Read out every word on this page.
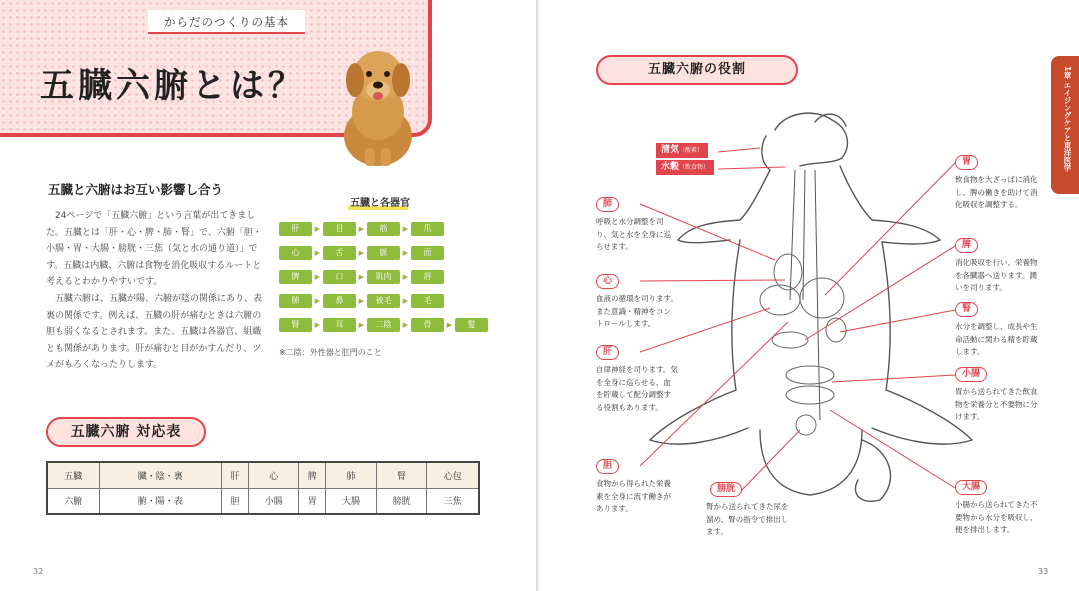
からだのつくりの基本
五臓六腑とは？
五臓と六腑はお互い影響し合う

24ページで「五臓六腑」という言葉が出てきました。五臓とは「肝・心・脾・肺・腎」で、六腑「胆・小腸・胃・大腸・膀胱・三焦（気と水の通り道）」です。五臓は内臓、六腑は食物を消化吸収するルートと考えるとわかりやすいです。

五臓六腑は、五臓が陽、六腑が陰の関係にあり、表裏の関係です。例えば、五臓の肝が痛むときは六腑の胆も弱くなるとされます。また、五臓は各器官、組織とも関係があります。肝が痛むと目がかすんだり、ツメがもろくなったりします。

五臓と各器官
肝	▶	目	▶	筋	▶	爪
心	▶	舌	▶	脈	▶	面
脾	▶	口	▶	肌肉	▶	唇
肺	▶	鼻	▶	被毛	▶	毛
腎	▶	耳	▶	二陰	▶	骨	▶	髪
※二陰：外性器と肛門のこと
五臓六腑 対応表
五臓	臓・陰・裏	肝	心	脾	肺	腎	心包
六腑	腑・陽・表	胆	小腸	胃	大腸	膀胱	三焦
32
五臓六腑の役割	1章 エイジングケアと東洋医学
清気（酸素）
水穀（飲食物）
肺
呼吸と水分調整を司り、気と水を全身に巡らせます。
心
血液の循環を司ります。また意識・精神をコントロールします。
肝
自律神経を司ります。気を全身に巡らせる、血を貯蔵して配分調整する役割もあります。
胆
食物から得られた栄養素を全身に流す働きがあります。
膀胱
腎から送られてきた尿を溜め、腎の指令で排出します。
胃
飲食物を大ざっぱに消化し、脾の働きを助けて消化吸収を調整する。
脾
消化吸収を行い、栄養物を各臓器へ送ります。潤いを司ります。
腎
水分を調整し、成長や生命活動に関わる精を貯蔵します。
小腸
胃から送られてきた飲食物を栄養分と不要物に分けます。
大腸
小腸から送られてきた不要物から水分を吸収し、便を排出します。
33
